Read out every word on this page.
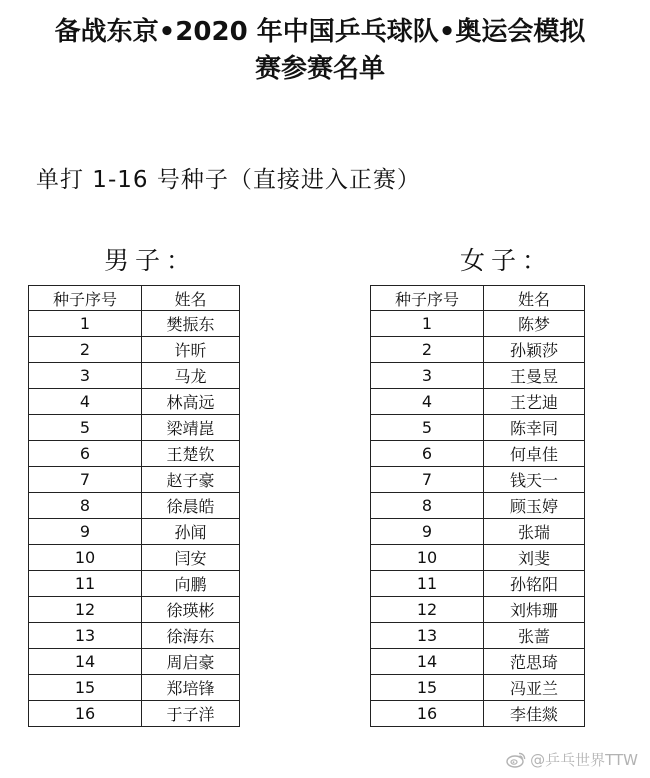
备战东京•2020 年中国乒乓球队•奥运会模拟
赛参赛名单
单打 1-16 号种子（直接进入正赛）
男子：	女子：
种子序号	姓名
1	樊振东
2	许昕
3	马龙
4	林高远
5	梁靖崑
6	王楚钦
7	赵子豪
8	徐晨皓
9	孙闻
10	闫安
11	向鹏
12	徐瑛彬
13	徐海东
14	周启豪
15	郑培锋
16	于子洋
种子序号	姓名
1	陈梦
2	孙颖莎
3	王曼昱
4	王艺迪
5	陈幸同
6	何卓佳
7	钱天一
8	顾玉婷
9	张瑞
10	刘斐
11	孙铭阳
12	刘炜珊
13	张蔷
14	范思琦
15	冯亚兰
16	李佳燚
@乒乓世界TTW
